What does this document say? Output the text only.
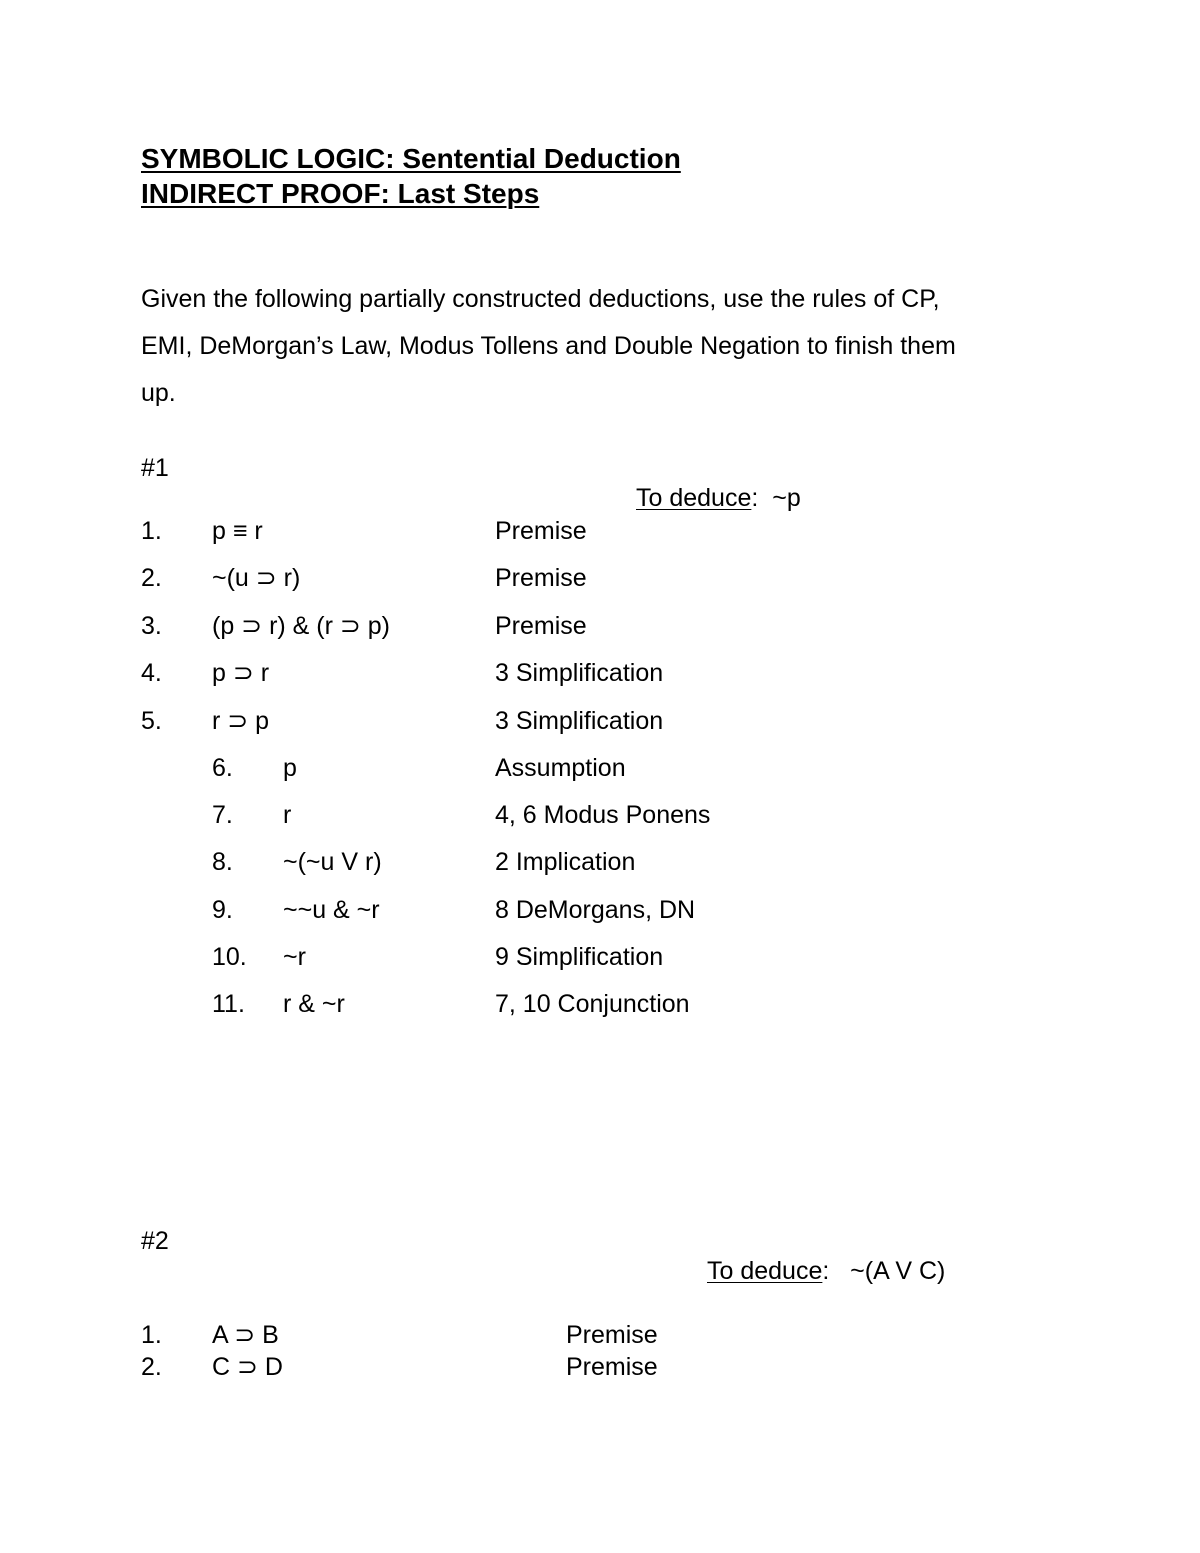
SYMBOLIC LOGIC: Sentential Deduction
INDIRECT PROOF: Last Steps
Given the following partially constructed deductions, use the rules of CP,
EMI, DeMorgan’s Law, Modus Tollens and Double Negation to finish them
up.
#1
To deduce: ~p
1. p ≡ r	Premise
2. ~(u ⊃ r)	Premise
3. (p ⊃ r) & (r ⊃ p)	Premise
4. p ⊃ r	3 Simplification
5. r ⊃ p	3 Simplification
6. p	Assumption
7. r	4, 6 Modus Ponens
8. ~(~u V r)	2 Implication
9. ~~u & ~r	8 DeMorgans, DN
10. ~r	9 Simplification
11. r & ~r	7, 10 Conjunction
#2
To deduce: ~(A V C)
1. A ⊃ B	Premise
2. C ⊃ D	Premise
